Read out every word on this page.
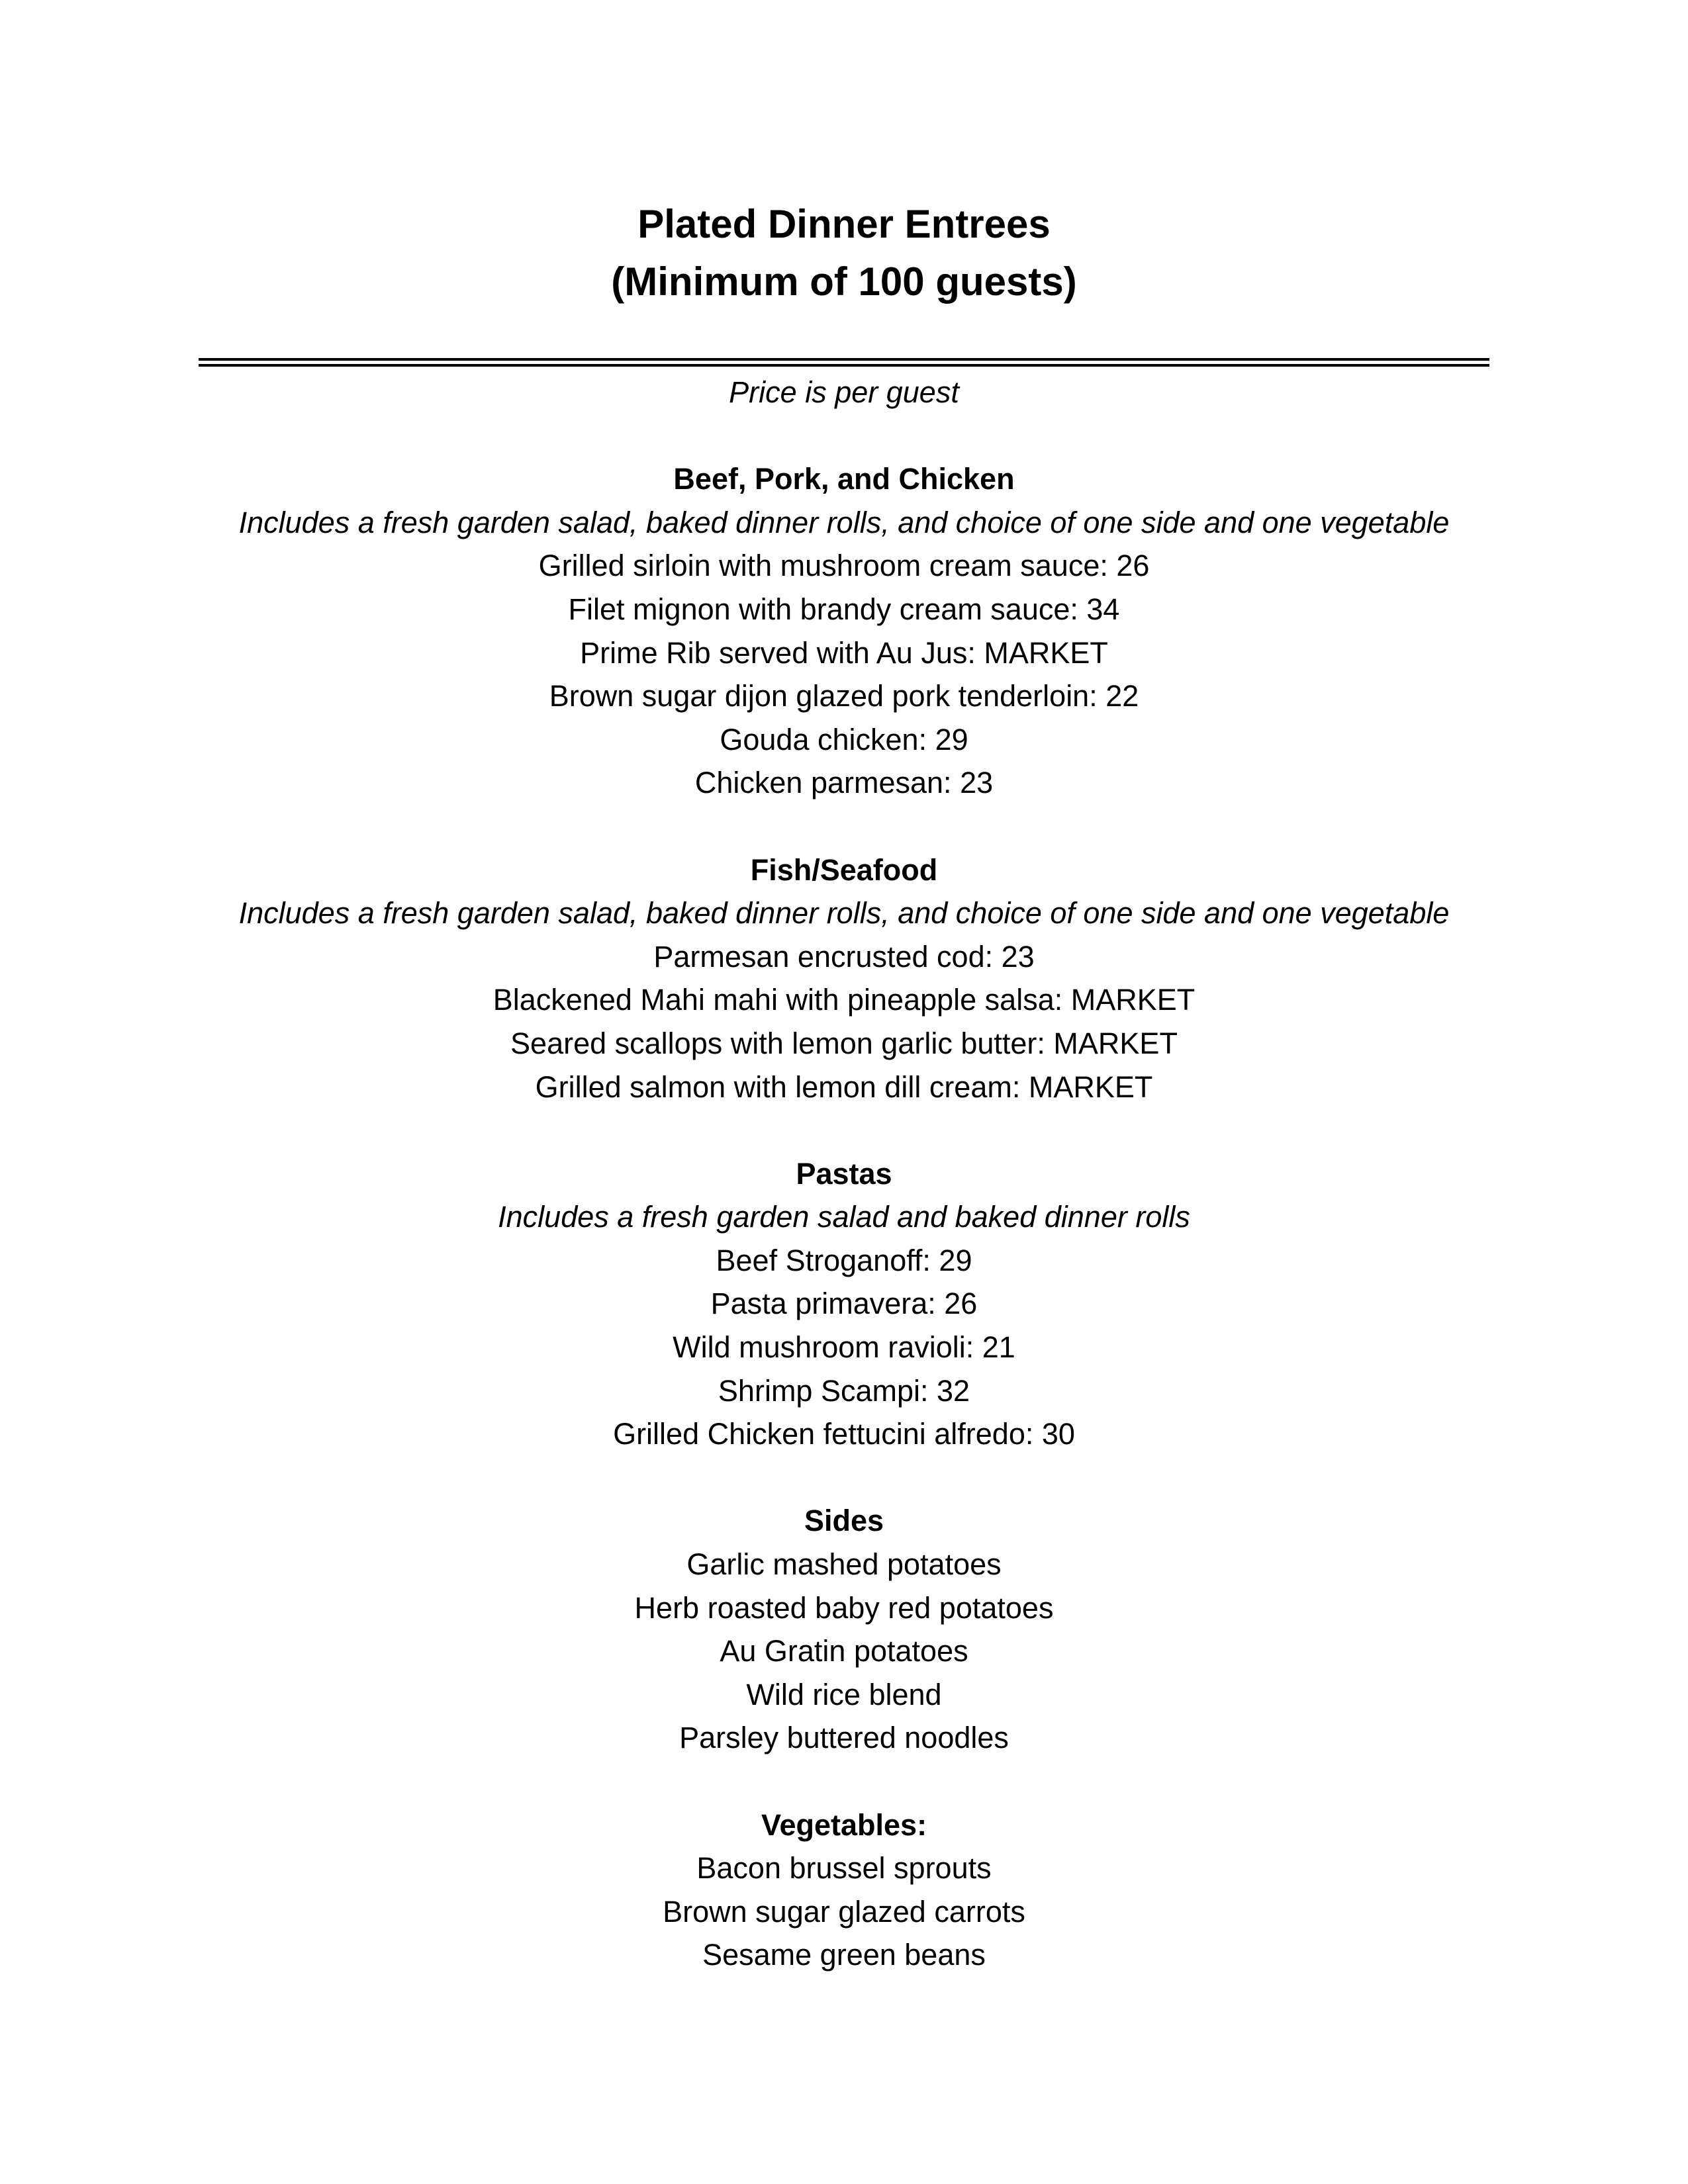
Plated Dinner Entrees
(Minimum of 100 guests)
Price is per guest
Beef, Pork, and Chicken
Includes a fresh garden salad, baked dinner rolls, and choice of one side and one vegetable
Grilled sirloin with mushroom cream sauce: 26
Filet mignon with brandy cream sauce: 34
Prime Rib served with Au Jus: MARKET
Brown sugar dijon glazed pork tenderloin: 22
Gouda chicken: 29
Chicken parmesan: 23
Fish/Seafood
Includes a fresh garden salad, baked dinner rolls, and choice of one side and one vegetable
Parmesan encrusted cod: 23
Blackened Mahi mahi with pineapple salsa: MARKET
Seared scallops with lemon garlic butter: MARKET
Grilled salmon with lemon dill cream: MARKET
Pastas
Includes a fresh garden salad and baked dinner rolls
Beef Stroganoff: 29
Pasta primavera: 26
Wild mushroom ravioli: 21
Shrimp Scampi: 32
Grilled Chicken fettucini alfredo: 30
Sides
Garlic mashed potatoes
Herb roasted baby red potatoes
Au Gratin potatoes
Wild rice blend
Parsley buttered noodles
Vegetables:
Bacon brussel sprouts
Brown sugar glazed carrots
Sesame green beans
